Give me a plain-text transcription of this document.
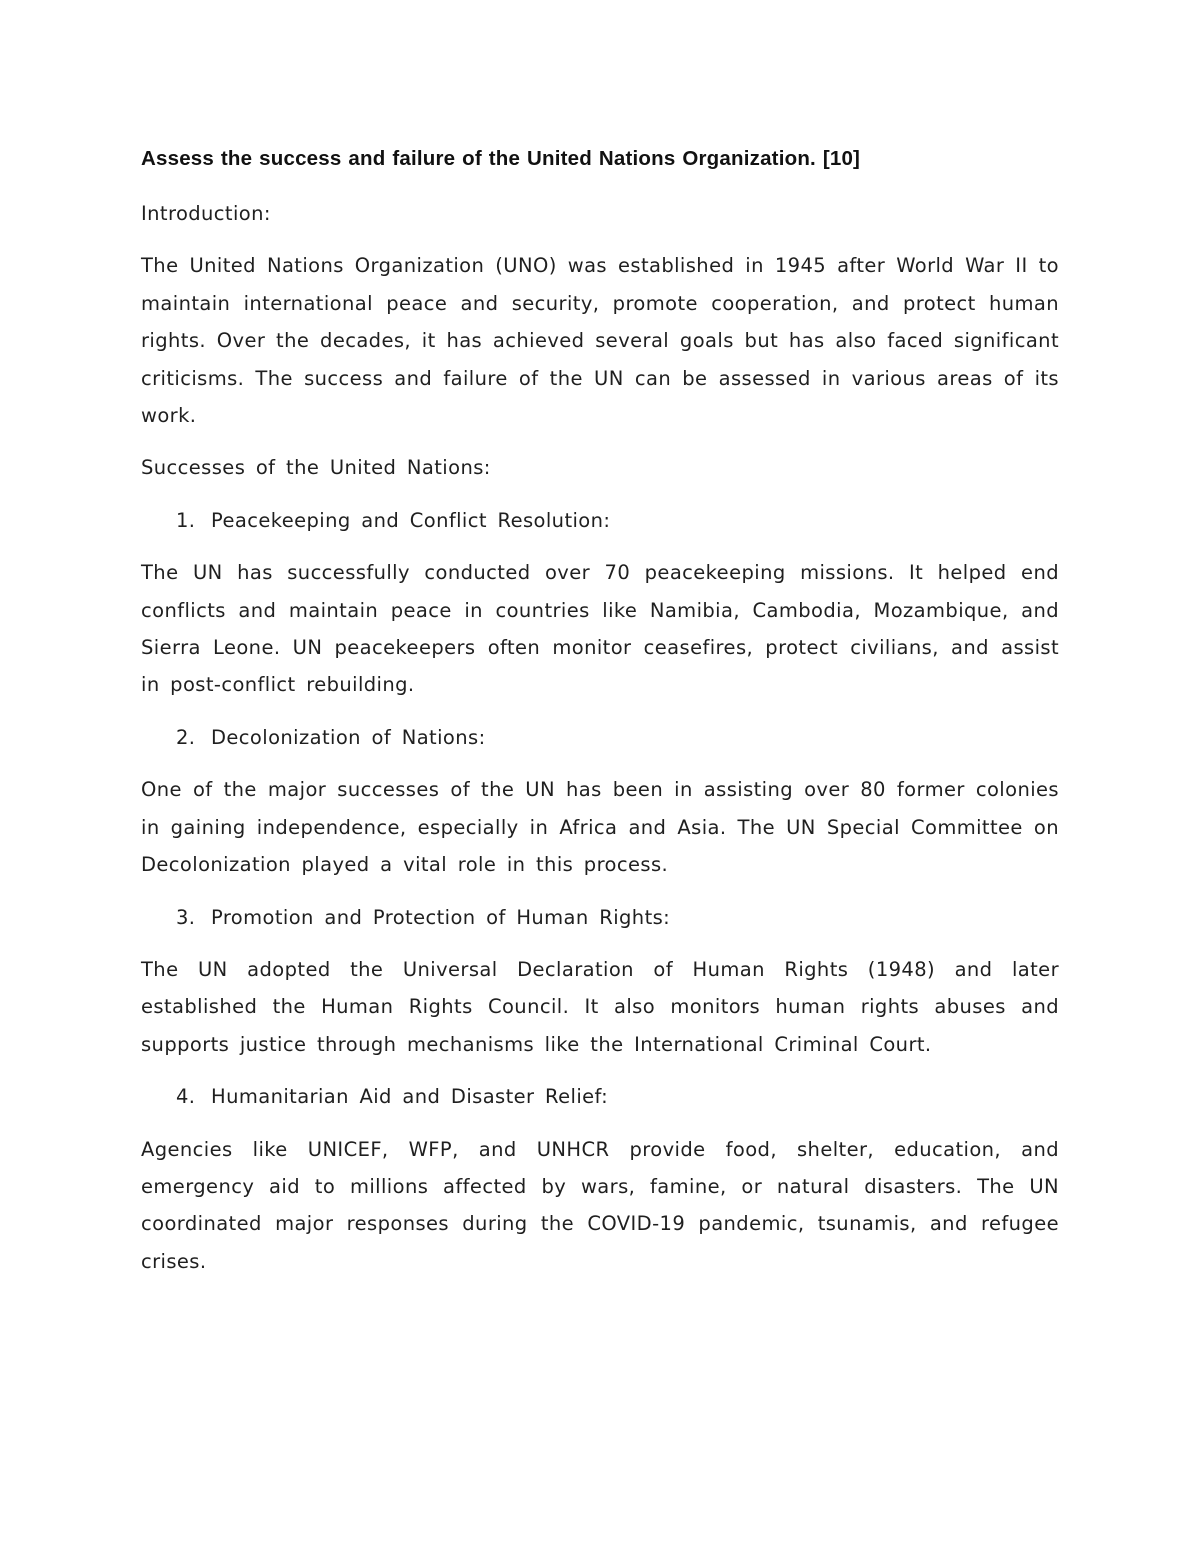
Assess the success and failure of the United Nations Organization. [10]
Introduction:

The United Nations Organization (UNO) was established in 1945 after World War II to maintain international peace and security, promote cooperation, and protect human rights. Over the decades, it has achieved several goals but has also faced significant criticisms. The success and failure of the UN can be assessed in various areas of its work.

Successes of the United Nations:
1. Peacekeeping and Conflict Resolution:

The UN has successfully conducted over 70 peacekeeping missions. It helped end conflicts and maintain peace in countries like Namibia, Cambodia, Mozambique, and Sierra Leone. UN peacekeepers often monitor ceasefires, protect civilians, and assist in post-conflict rebuilding.

2. Decolonization of Nations:

One of the major successes of the UN has been in assisting over 80 former colonies in gaining independence, especially in Africa and Asia. The UN Special Committee on Decolonization played a vital role in this process.

3. Promotion and Protection of Human Rights:

The UN adopted the Universal Declaration of Human Rights (1948) and later established the Human Rights Council. It also monitors human rights abuses and supports justice through mechanisms like the International Criminal Court.

4. Humanitarian Aid and Disaster Relief:

Agencies like UNICEF, WFP, and UNHCR provide food, shelter, education, and emergency aid to millions affected by wars, famine, or natural disasters. The UN coordinated major responses during the COVID-19 pandemic, tsunamis, and refugee crises.
